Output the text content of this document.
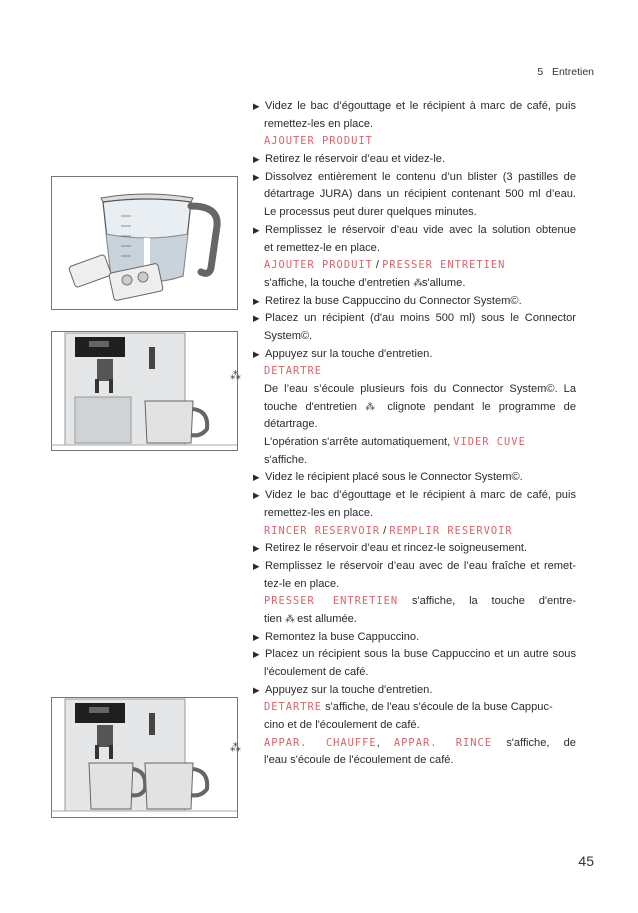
5 Entretien
⁂
⁂
▶ Videz le bac d’égouttage et le récipient à marc de café, puis
remettez-les en place.
AJOUTER PRODUIT
▶ Retirez le réservoir d’eau et videz-le.
▶ Dissolvez entièrement le contenu d’un blister (3 pastilles de
détartrage JURA) dans un récipient contenant 500 ml d’eau.
Le processus peut durer quelques minutes.
▶ Remplissez le réservoir d’eau vide avec la solution obtenue
et remettez-le en place.
AJOUTER PRODUIT / PRESSER ENTRETIEN
s'affiche, la touche d'entretien ⁂s'allume.
▶ Retirez la buse Cappuccino du Connector System©.
▶ Placez un récipient (d'au moins 500 ml) sous le Connector
System©.
▶ Appuyez sur la touche d'entretien.
DETARTRE
De l’eau s’écoule plusieurs fois du Connector System©. La
touche d'entretien ⁂ clignote pendant le programme de
détartrage.
L'opération s'arrête automatiquement, VIDER CUVE
s'affiche.
▶ Videz le récipient placé sous le Connector System©.
▶ Videz le bac d’égouttage et le récipient à marc de café, puis
remettez-les en place.
RINCER RESERVOIR / REMPLIR RESERVOIR
▶ Retirez le réservoir d’eau et rincez-le soigneusement.
▶ Remplissez le réservoir d’eau avec de l’eau fraîche et remet-
tez-le en place.
PRESSER ENTRETIEN s'affiche, la touche d'entre-
tien ⁂ est allumée.
▶ Remontez la buse Cappuccino.
▶ Placez un récipient sous la buse Cappuccino et un autre sous
l'écoulement de café.
▶ Appuyez sur la touche d'entretien.
DETARTRE s'affiche, de l'eau s'écoule de la buse Cappuc-
cino et de l'écoulement de café.
APPAR. CHAUFFE, APPAR. RINCE s'affiche, de
l'eau s'écoule de l'écoulement de café.
45
